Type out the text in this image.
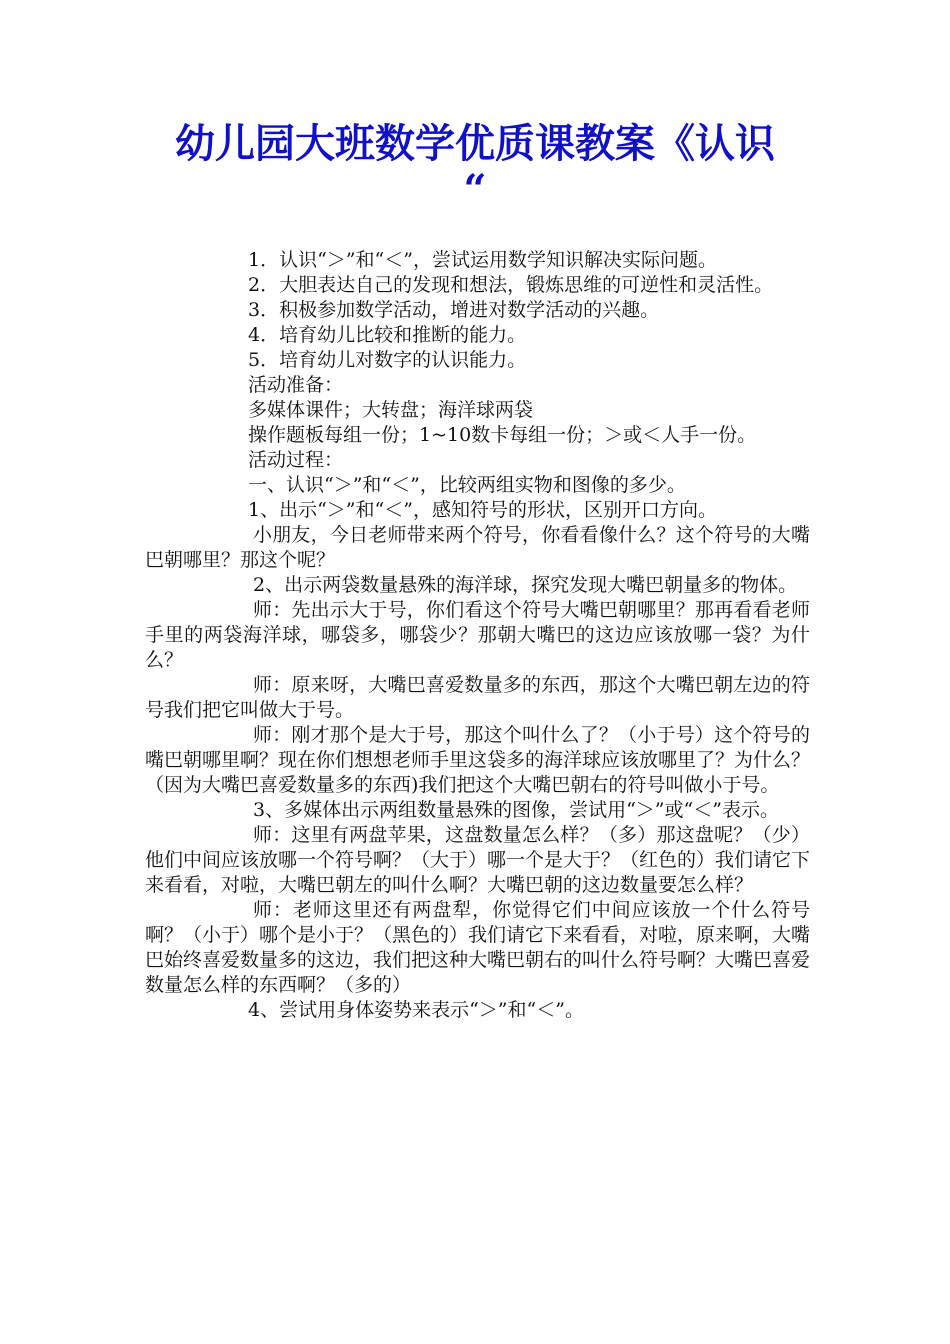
幼儿园大班数学优质课教案《认识
“

1．认识“＞”和“＜”，尝试运用数学知识解决实际问题。

2．大胆表达自己的发现和想法，锻炼思维的可逆性和灵活性。

3．积极参加数学活动，增进对数学活动的兴趣。

4．培育幼儿比较和推断的能力。

5．培育幼儿对数字的认识能力。

活动准备：

多媒体课件；大转盘；海洋球两袋

操作题板每组一份；1~10数卡每组一份；＞或＜人手一份。

活动过程：

一、认识“＞”和“＜”，比较两组实物和图像的多少。

1、出示“＞”和“＜”，感知符号的形状，区别开口方向。

小朋友，今日老师带来两个符号，你看看像什么？这个符号的大嘴巴朝哪里？那这个呢？

2、出示两袋数量悬殊的海洋球，探究发现大嘴巴朝量多的物体。

师：先出示大于号，你们看这个符号大嘴巴朝哪里？那再看看老师手里的两袋海洋球，哪袋多，哪袋少？那朝大嘴巴的这边应该放哪一袋？为什么？

师：原来呀，大嘴巴喜爱数量多的东西，那这个大嘴巴朝左边的符号我们把它叫做大于号。

师：刚才那个是大于号，那这个叫什么了？（小于号）这个符号的嘴巴朝哪里啊？现在你们想想老师手里这袋多的海洋球应该放哪里了？为什么？（因为大嘴巴喜爱数量多的东西)我们把这个大嘴巴朝右的符号叫做小于号。

3、多媒体出示两组数量悬殊的图像，尝试用“＞”或“＜”表示。

师：这里有两盘苹果，这盘数量怎么样？（多）那这盘呢？（少）他们中间应该放哪一个符号啊？（大于）哪一个是大于？（红色的）我们请它下来看看，对啦，大嘴巴朝左的叫什么啊？大嘴巴朝的这边数量要怎么样？

师：老师这里还有两盘犁，你觉得它们中间应该放一个什么符号啊？（小于）哪个是小于？（黑色的）我们请它下来看看，对啦，原来啊，大嘴巴始终喜爱数量多的这边，我们把这种大嘴巴朝右的叫什么符号啊？大嘴巴喜爱数量怎么样的东西啊？（多的）

4、尝试用身体姿势来表示“＞”和“＜”。
